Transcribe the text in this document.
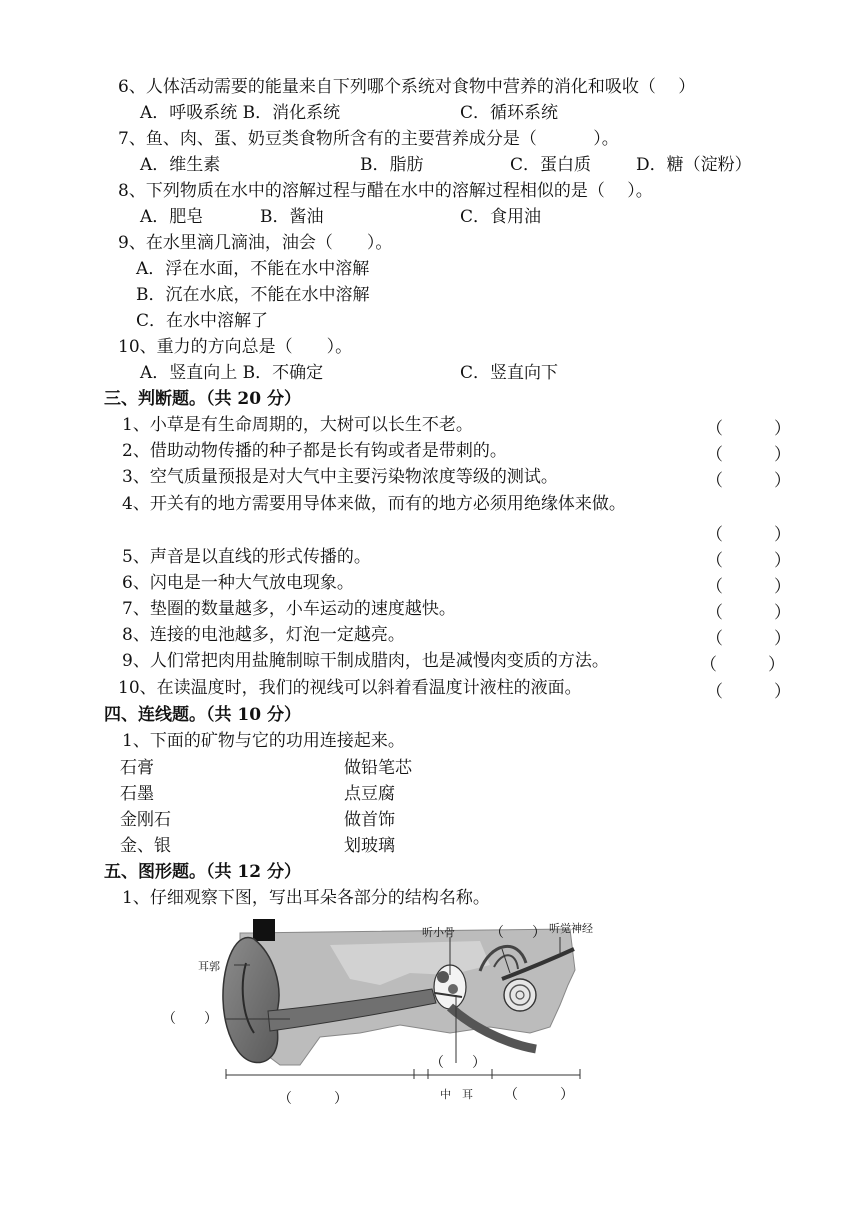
6、人体活动需要的能量来自下列哪个系统对食物中营养的消化和吸收（　 ）
A．呼吸系统 B．消化系统	C．循环系统
7、鱼、肉、蛋、奶豆类食物所含有的主要营养成分是（　　　 ）。
A．维生素	B．脂肪	C．蛋白质	D．糖（淀粉）
8、下列物质在水中的溶解过程与醋在水中的溶解过程相似的是（　 ）。
A．肥皂	B．酱油	C．食用油
9、在水里滴几滴油，油会（　　）。
A．浮在水面，不能在水中溶解
B．沉在水底，不能在水中溶解
C．在水中溶解了
10、重力的方向总是（　　）。
A．竖直向上 B．不确定	C．竖直向下
三、判断题。（共 20 分）
1、小草是有生命周期的，大树可以长生不老。	（　　　）
2、借助动物传播的种子都是长有钩或者是带刺的。	（　　　）
3、空气质量预报是对大气中主要污染物浓度等级的测试。	（　　　）
4、开关有的地方需要用导体来做，而有的地方必须用绝缘体来做。
（　　　）
5、声音是以直线的形式传播的。	（　　　）
6、闪电是一种大气放电现象。	（　　　）
7、垫圈的数量越多，小车运动的速度越快。	（　　　）
8、连接的电池越多，灯泡一定越亮。	（　　　）
9、人们常把肉用盐腌制晾干制成腊肉，也是减慢肉变质的方法。	（　　　）
10、在读温度时，我们的视线可以斜着看温度计液柱的液面。	（　　　）
四、连线题。（共 10 分）
1、下面的矿物与它的功用连接起来。
石膏	做铅笔芯
石墨	点豆腐
金刚石	做首饰
金、银	划玻璃
五、图形题。（共 12 分）
1、仔细观察下图，写出耳朵各部分的结构名称。
耳郭
听小骨	听觉神经
中　耳
（　　）
（　　）
（　　）
（　　　）	（　　　）
